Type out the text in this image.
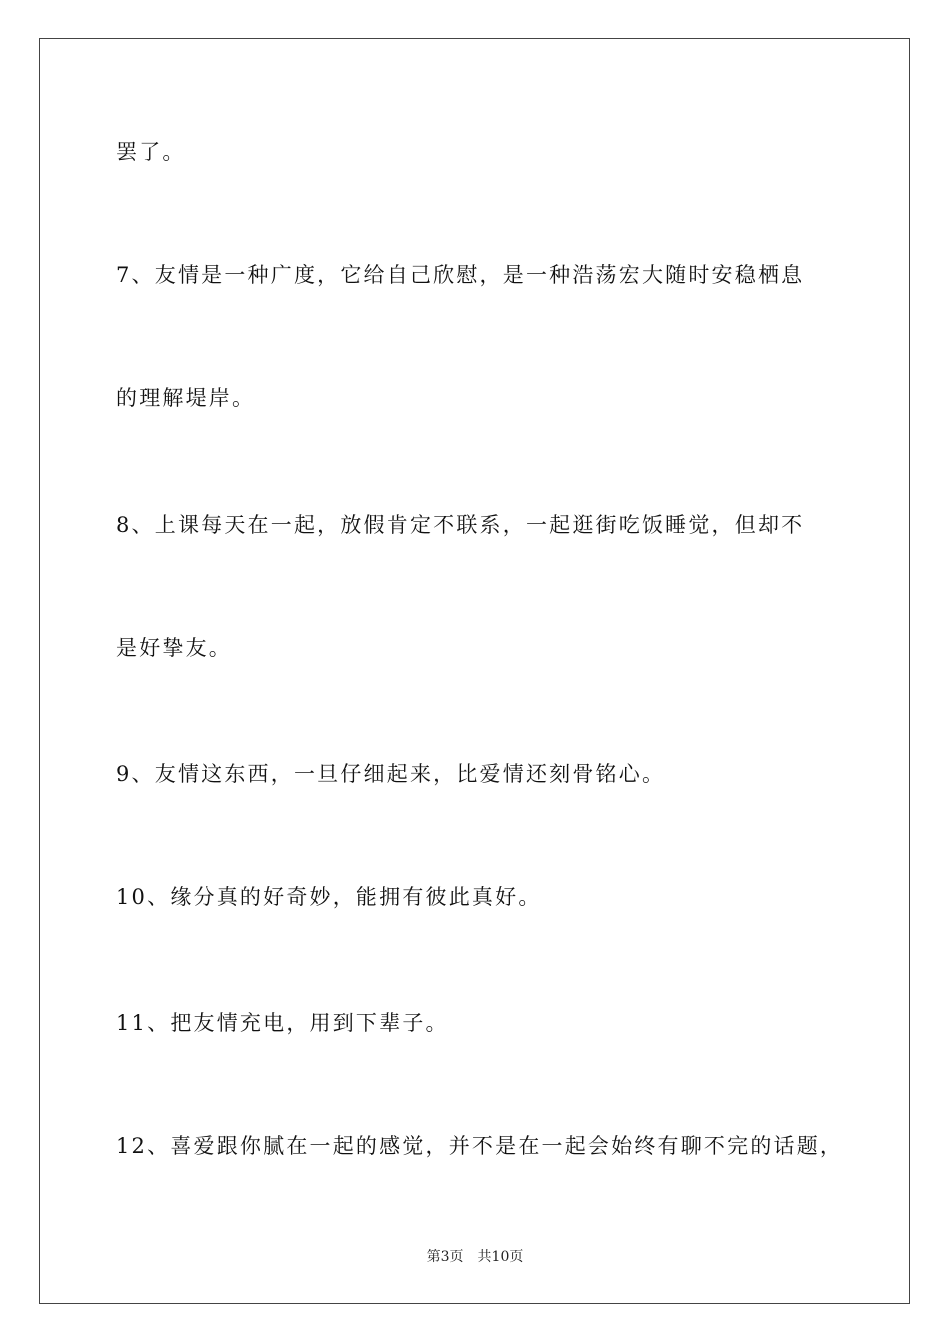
罢了。
7、友情是一种广度，它给自己欣慰，是一种浩荡宏大随时安稳栖息
的理解堤岸。
8、上课每天在一起，放假肯定不联系，一起逛街吃饭睡觉，但却不
是好挚友。
9、友情这东西，一旦仔细起来，比爱情还刻骨铭心。
10、缘分真的好奇妙，能拥有彼此真好。
11、把友情充电，用到下辈子。
12、喜爱跟你腻在一起的感觉，并不是在一起会始终有聊不完的话题，
第3页　共10页
